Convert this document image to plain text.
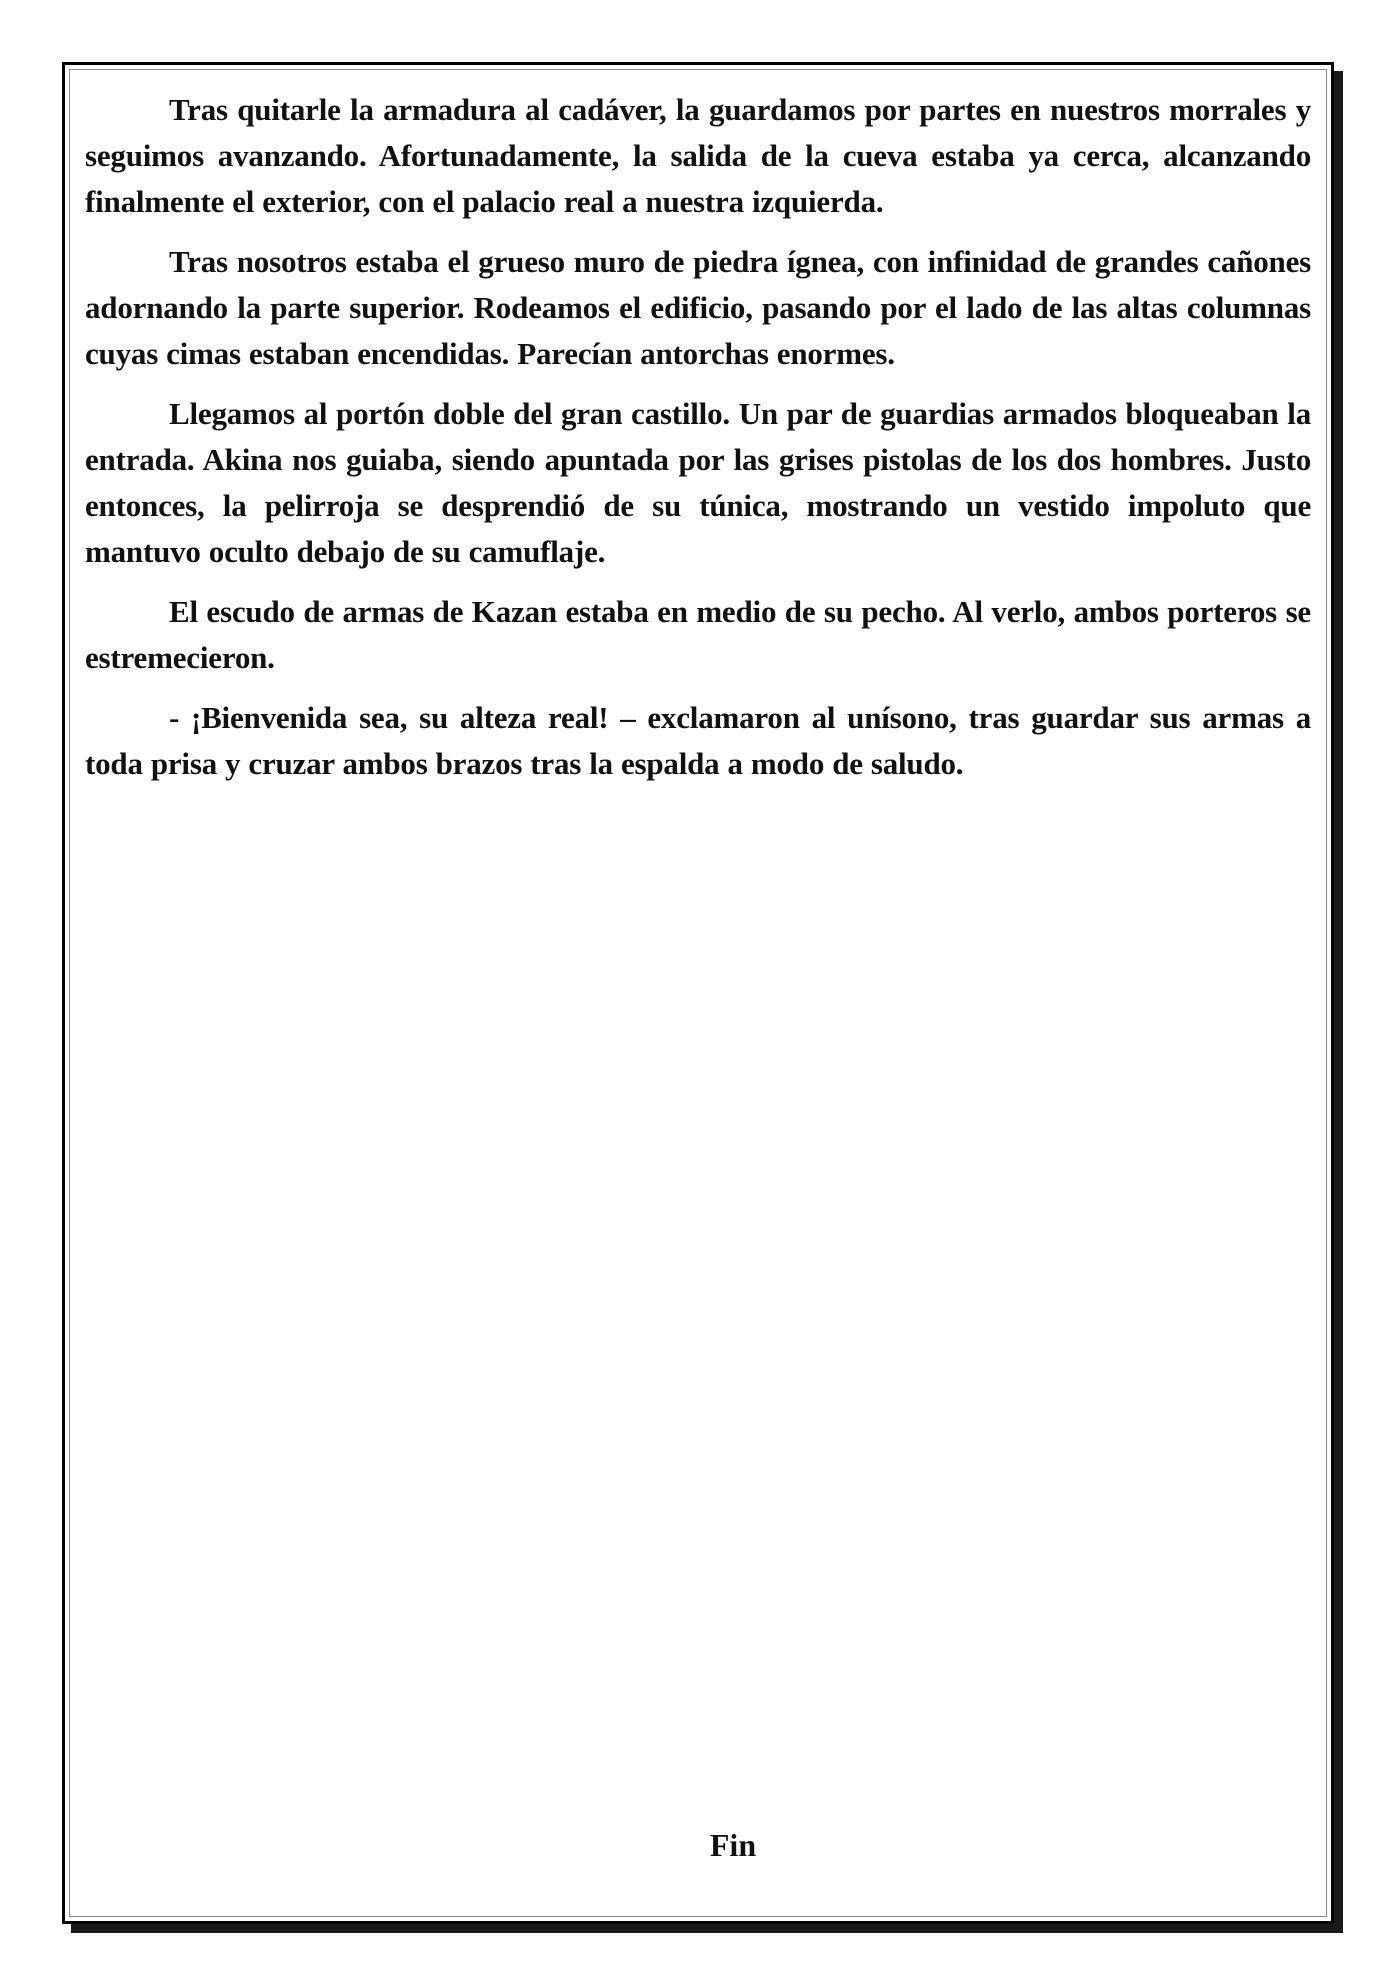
Tras quitarle la armadura al cadáver, la guardamos por partes en nuestros morrales y seguimos avanzando. Afortunadamente, la salida de la cueva estaba ya cerca, alcanzando finalmente el exterior, con el palacio real a nuestra izquierda.

Tras nosotros estaba el grueso muro de piedra ígnea, con infinidad de grandes cañones adornando la parte superior. Rodeamos el edificio, pasando por el lado de las altas columnas cuyas cimas estaban encendidas. Parecían antorchas enormes.

Llegamos al portón doble del gran castillo. Un par de guardias armados bloqueaban la entrada. Akina nos guiaba, siendo apuntada por las grises pistolas de los dos hombres. Justo entonces, la pelirroja se desprendió de su túnica, mostrando un vestido impoluto que mantuvo oculto debajo de su camuflaje.

El escudo de armas de Kazan estaba en medio de su pecho. Al verlo, ambos porteros se estremecieron.

- ¡Bienvenida sea, su alteza real! – exclamaron al unísono, tras guardar sus armas a toda prisa y cruzar ambos brazos tras la espalda a modo de saludo.

Fin
